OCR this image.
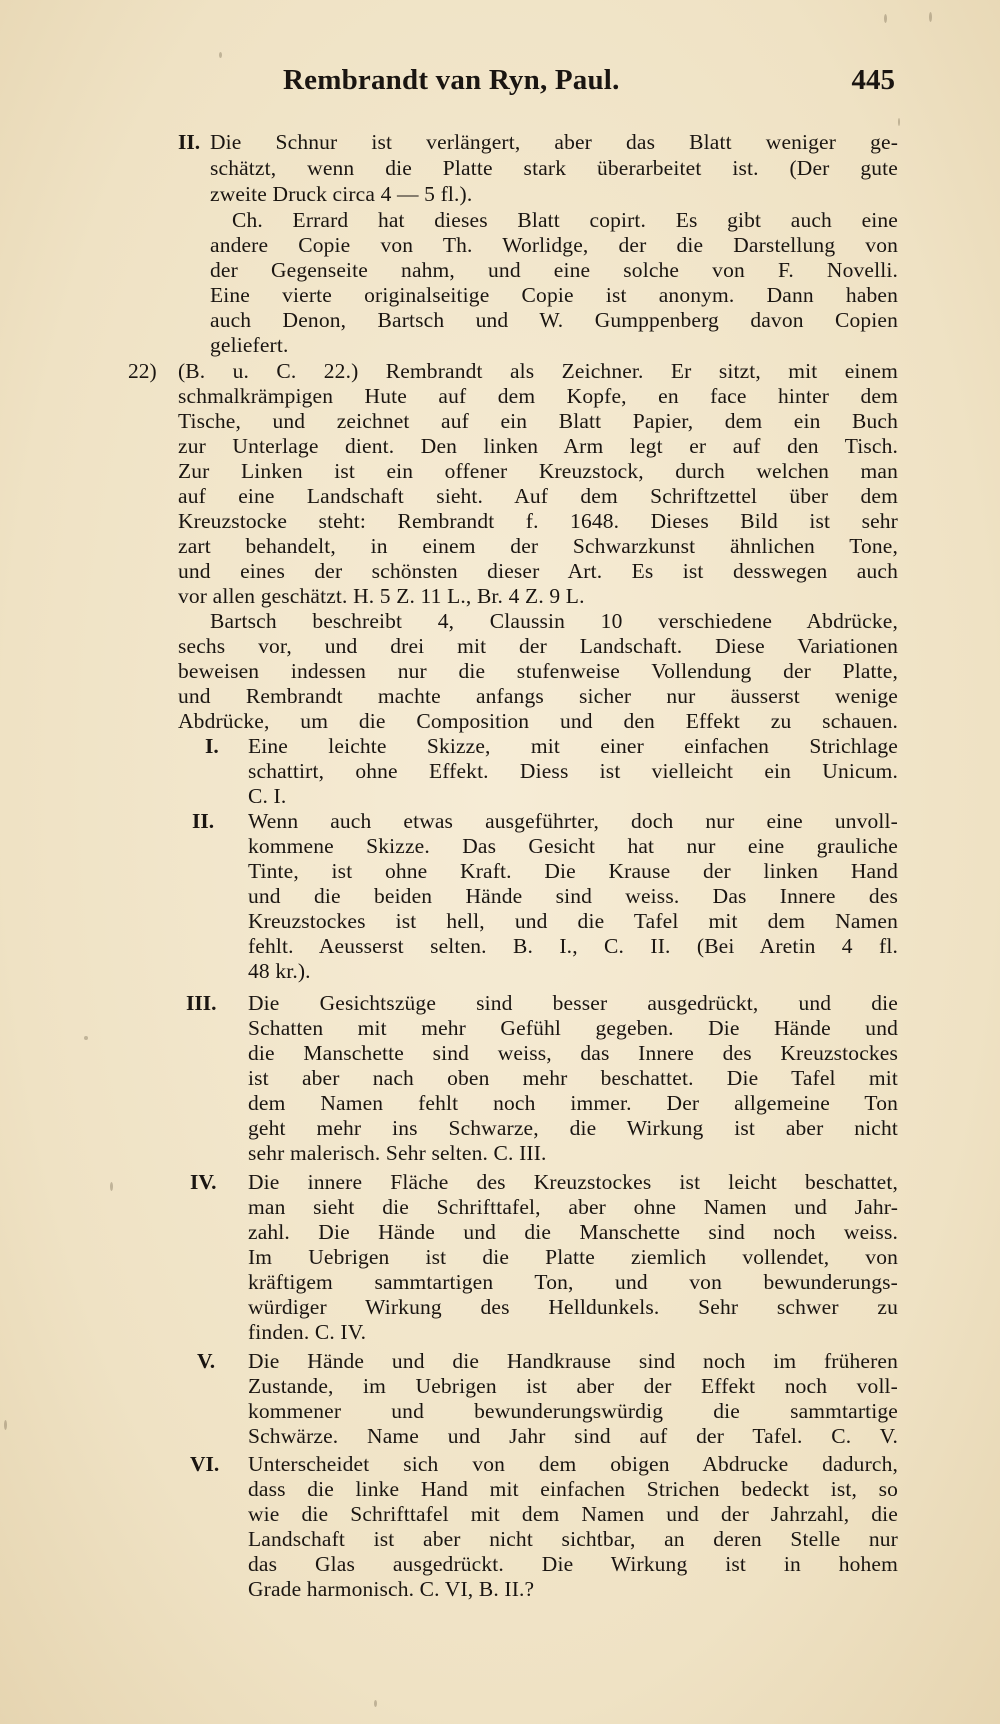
Rembrandt van Ryn, Paul.	445
II. Die Schnur ist verlängert, aber das Blatt weniger ge-
schätzt, wenn die Platte stark überarbeitet ist. (Der gute
zweite Druck circa 4 — 5 fl.).
Ch. Errard hat dieses Blatt copirt. Es gibt auch eine
andere Copie von Th. Worlidge, der die Darstellung von
der Gegenseite nahm, und eine solche von F. Novelli.
Eine vierte originalseitige Copie ist anonym. Dann haben
auch Denon, Bartsch und W. Gumppenberg davon Copien
geliefert.
22) (B. u. C. 22.) Rembrandt als Zeichner. Er sitzt, mit einem
schmalkrämpigen Hute auf dem Kopfe, en face hinter dem
Tische, und zeichnet auf ein Blatt Papier, dem ein Buch
zur Unterlage dient. Den linken Arm legt er auf den Tisch.
Zur Linken ist ein offener Kreuzstock, durch welchen man
auf eine Landschaft sieht. Auf dem Schriftzettel über dem
Kreuzstocke steht: Rembrandt f. 1648. Dieses Bild ist sehr
zart behandelt, in einem der Schwarzkunst ähnlichen Tone,
und eines der schönsten dieser Art. Es ist desswegen auch
vor allen geschätzt. H. 5 Z. 11 L., Br. 4 Z. 9 L.
Bartsch beschreibt 4, Claussin 10 verschiedene Abdrücke,
sechs vor, und drei mit der Landschaft. Diese Variationen
beweisen indessen nur die stufenweise Vollendung der Platte,
und Rembrandt machte anfangs sicher nur äusserst wenige
Abdrücke, um die Composition und den Effekt zu schauen.
I. Eine leichte Skizze, mit einer einfachen Strichlage
schattirt, ohne Effekt. Diess ist vielleicht ein Unicum.
C. I.
II. Wenn auch etwas ausgeführter, doch nur eine unvoll-
kommene Skizze. Das Gesicht hat nur eine grauliche
Tinte, ist ohne Kraft. Die Krause der linken Hand
und die beiden Hände sind weiss. Das Innere des
Kreuzstockes ist hell, und die Tafel mit dem Namen
fehlt. Aeusserst selten. B. I., C. II. (Bei Aretin 4 fl.
48 kr.).
III. Die Gesichtszüge sind besser ausgedrückt, und die
Schatten mit mehr Gefühl gegeben. Die Hände und
die Manschette sind weiss, das Innere des Kreuzstockes
ist aber nach oben mehr beschattet. Die Tafel mit
dem Namen fehlt noch immer. Der allgemeine Ton
geht mehr ins Schwarze, die Wirkung ist aber nicht
sehr malerisch. Sehr selten. C. III.
IV. Die innere Fläche des Kreuzstockes ist leicht beschattet,
man sieht die Schrifttafel, aber ohne Namen und Jahr-
zahl. Die Hände und die Manschette sind noch weiss.
Im Uebrigen ist die Platte ziemlich vollendet, von
kräftigem sammtartigen Ton, und von bewunderungs-
würdiger Wirkung des Helldunkels. Sehr schwer zu
finden. C. IV.
V. Die Hände und die Handkrause sind noch im früheren
Zustande, im Uebrigen ist aber der Effekt noch voll-
kommener und bewunderungswürdig die sammtartige
Schwärze. Name und Jahr sind auf der Tafel. C. V.
VI. Unterscheidet sich von dem obigen Abdrucke dadurch,
dass die linke Hand mit einfachen Strichen bedeckt ist, so
wie die Schrifttafel mit dem Namen und der Jahrzahl, die
Landschaft ist aber nicht sichtbar, an deren Stelle nur
das Glas ausgedrückt. Die Wirkung ist in hohem
Grade harmonisch. C. VI, B. II.?
